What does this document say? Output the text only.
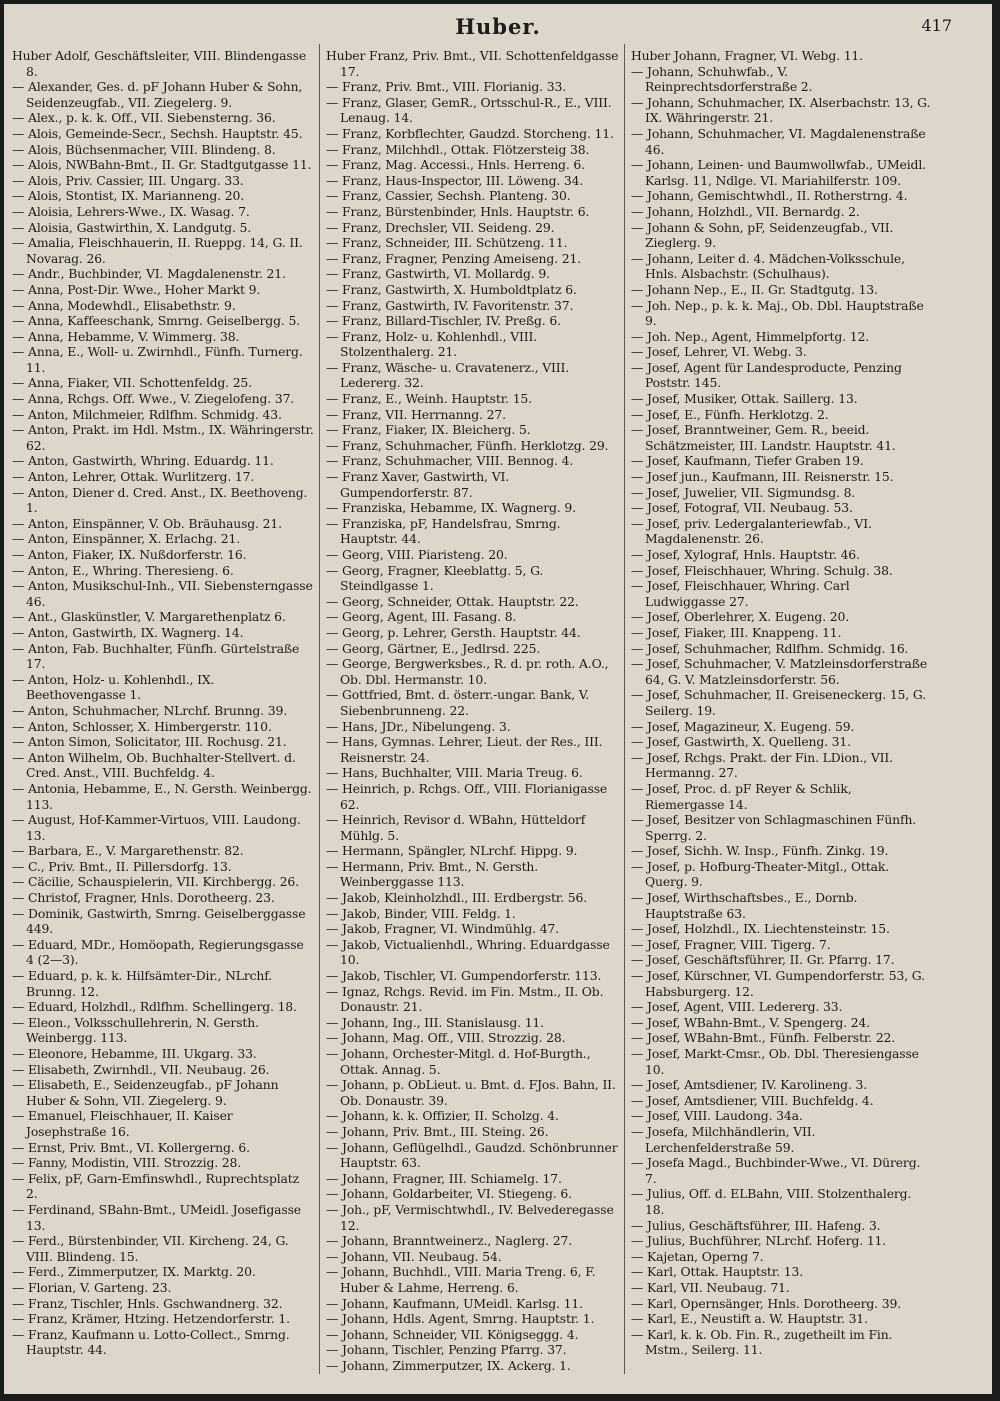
Huber.	417
Huber Adolf, Geschäftsleiter, VIII. Blindengasse 8.
— Alexander, Ges. d. pF Johann Huber & Sohn, Seidenzeugfab., VII. Ziegelerg. 9.
— Alex., p. k. k. Off., VII. Siebensterng. 36.
— Alois, Gemeinde-Secr., Sechsh. Hauptstr. 45.
— Alois, Büchsenmacher, VIII. Blindeng. 8.
— Alois, NWBahn-Bmt., II. Gr. Stadtgutgasse 11.
— Alois, Priv. Cassier, III. Ungarg. 33.
— Alois, Stontist, IX. Marianneng. 20.
— Aloisia, Lehrers-Wwe., IX. Wasag. 7.
— Aloisia, Gastwirthin, X. Landgutg. 5.
— Amalia, Fleischhauerin, II. Rueppg. 14, G. II. Novarag. 26.
— Andr., Buchbinder, VI. Magdalenenstr. 21.
— Anna, Post-Dir. Wwe., Hoher Markt 9.
— Anna, Modewhdl., Elisabethstr. 9.
— Anna, Kaffeeschank, Smrng. Geiselbergg. 5.
— Anna, Hebamme, V. Wimmerg. 38.
— Anna, E., Woll- u. Zwirnhdl., Fünfh. Turnerg. 11.
— Anna, Fiaker, VII. Schottenfeldg. 25.
— Anna, Rchgs. Off. Wwe., V. Ziegelofeng. 37.
— Anton, Milchmeier, Rdlfhm. Schmidg. 43.
— Anton, Prakt. im Hdl. Mstm., IX. Währingerstr. 62.
— Anton, Gastwirth, Whring. Eduardg. 11.
— Anton, Lehrer, Ottak. Wurlitzerg. 17.
— Anton, Diener d. Cred. Anst., IX. Beethoveng. 1.
— Anton, Einspänner, V. Ob. Bräuhausg. 21.
— Anton, Einspänner, X. Erlachg. 21.
— Anton, Fiaker, IX. Nußdorferstr. 16.
— Anton, E., Whring. Theresieng. 6.
— Anton, Musikschul-Inh., VII. Siebensterngasse 46.
— Ant., Glaskünstler, V. Margarethenplatz 6.
— Anton, Gastwirth, IX. Wagnerg. 14.
— Anton, Fab. Buchhalter, Fünfh. Gürtelstraße 17.
— Anton, Holz- u. Kohlenhdl., IX. Beethovengasse 1.
— Anton, Schuhmacher, NLrchf. Brunng. 39.
— Anton, Schlosser, X. Himbergerstr. 110.
— Anton Simon, Solicitator, III. Rochusg. 21.
— Anton Wilhelm, Ob. Buchhalter-Stellvert. d. Cred. Anst., VIII. Buchfeldg. 4.
— Antonia, Hebamme, E., N. Gersth. Weinbergg. 113.
— August, Hof-Kammer-Virtuos, VIII. Laudong. 13.
— Barbara, E., V. Margarethenstr. 82.
— C., Priv. Bmt., II. Pillersdorfg. 13.
— Cäcilie, Schauspielerin, VII. Kirchbergg. 26.
— Christof, Fragner, Hnls. Dorotheerg. 23.
— Dominik, Gastwirth, Smrng. Geiselberggasse 449.
— Eduard, MDr., Homöopath, Regierungsgasse 4 (2—3).
— Eduard, p. k. k. Hilfsämter-Dir., NLrchf. Brunng. 12.
— Eduard, Holzhdl., Rdlfhm. Schellingerg. 18.
— Eleon., Volksschullehrerin, N. Gersth. Weinbergg. 113.
— Eleonore, Hebamme, III. Ukgarg. 33.
— Elisabeth, Zwirnhdl., VII. Neubaug. 26.
— Elisabeth, E., Seidenzeugfab., pF Johann Huber & Sohn, VII. Ziegelerg. 9.
— Emanuel, Fleischhauer, II. Kaiser Josephstraße 16.
— Ernst, Priv. Bmt., VI. Kollergerng. 6.
— Fanny, Modistin, VIII. Strozzig. 28.
— Felix, pF, Garn-Emfinswhdl., Ruprechtsplatz 2.
— Ferdinand, SBahn-Bmt., UMeidl. Josefigasse 13.
— Ferd., Bürstenbinder, VII. Kircheng. 24, G. VIII. Blindeng. 15.
— Ferd., Zimmerputzer, IX. Marktg. 20.
— Florian, V. Garteng. 23.
— Franz, Tischler, Hnls. Gschwandnerg. 32.
— Franz, Krämer, Htzing. Hetzendorferstr. 1.
— Franz, Kaufmann u. Lotto-Collect., Smrng. Hauptstr. 44.
Huber Franz, Priv. Bmt., VII. Schottenfeldgasse 17.
— Franz, Priv. Bmt., VIII. Florianig. 33.
— Franz, Glaser, GemR., Ortsschul-R., E., VIII. Lenaug. 14.
— Franz, Korbflechter, Gaudzd. Storcheng. 11.
— Franz, Milchhdl., Ottak. Flötzersteig 38.
— Franz, Mag. Accessi., Hnls. Herreng. 6.
— Franz, Haus-Inspector, III. Löweng. 34.
— Franz, Cassier, Sechsh. Planteng. 30.
— Franz, Bürstenbinder, Hnls. Hauptstr. 6.
— Franz, Drechsler, VII. Seideng. 29.
— Franz, Schneider, III. Schützeng. 11.
— Franz, Fragner, Penzing Ameiseng. 21.
— Franz, Gastwirth, VI. Mollardg. 9.
— Franz, Gastwirth, X. Humboldtplatz 6.
— Franz, Gastwirth, IV. Favoritenstr. 37.
— Franz, Billard-Tischler, IV. Preßg. 6.
— Franz, Holz- u. Kohlenhdl., VIII. Stolzenthalerg. 21.
— Franz, Wäsche- u. Cravatenerz., VIII. Ledererg. 32.
— Franz, E., Weinh. Hauptstr. 15.
— Franz, VII. Herrnanng. 27.
— Franz, Fiaker, IX. Bleicherg. 5.
— Franz, Schuhmacher, Fünfh. Herklotzg. 29.
— Franz, Schuhmacher, VIII. Bennog. 4.
— Franz Xaver, Gastwirth, VI. Gumpendorferstr. 87.
— Franziska, Hebamme, IX. Wagnerg. 9.
— Franziska, pF, Handelsfrau, Smrng. Hauptstr. 44.
— Georg, VIII. Piaristeng. 20.
— Georg, Fragner, Kleeblattg. 5, G. Steindlgasse 1.
— Georg, Schneider, Ottak. Hauptstr. 22.
— Georg, Agent, III. Fasang. 8.
— Georg, p. Lehrer, Gersth. Hauptstr. 44.
— Georg, Gärtner, E., Jedlrsd. 225.
— George, Bergwerksbes., R. d. pr. roth. A.O., Ob. Dbl. Hermanstr. 10.
— Gottfried, Bmt. d. österr.-ungar. Bank, V. Siebenbrunneng. 22.
— Hans, JDr., Nibelungeng. 3.
— Hans, Gymnas. Lehrer, Lieut. der Res., III. Reisnerstr. 24.
— Hans, Buchhalter, VIII. Maria Treug. 6.
— Heinrich, p. Rchgs. Off., VIII. Florianigasse 62.
— Heinrich, Revisor d. WBahn, Hütteldorf Mühlg. 5.
— Hermann, Spängler, NLrchf. Hippg. 9.
— Hermann, Priv. Bmt., N. Gersth. Weinberggasse 113.
— Jakob, Kleinholzhdl., III. Erdbergstr. 56.
— Jakob, Binder, VIII. Feldg. 1.
— Jakob, Fragner, VI. Windmühlg. 47.
— Jakob, Victualienhdl., Whring. Eduardgasse 10.
— Jakob, Tischler, VI. Gumpendorferstr. 113.
— Ignaz, Rchgs. Revid. im Fin. Mstm., II. Ob. Donaustr. 21.
— Johann, Ing., III. Stanislausg. 11.
— Johann, Mag. Off., VIII. Strozzig. 28.
— Johann, Orchester-Mitgl. d. Hof-Burgth., Ottak. Annag. 5.
— Johann, p. ObLieut. u. Bmt. d. FJos. Bahn, II. Ob. Donaustr. 39.
— Johann, k. k. Offizier, II. Scholzg. 4.
— Johann, Priv. Bmt., III. Steing. 26.
— Johann, Geflügelhdl., Gaudzd. Schönbrunner Hauptstr. 63.
— Johann, Fragner, III. Schiamelg. 17.
— Johann, Goldarbeiter, VI. Stiegeng. 6.
— Joh., pF, Vermischtwhdl., IV. Belvederegasse 12.
— Johann, Branntweinerz., Naglerg. 27.
— Johann, VII. Neubaug. 54.
— Johann, Buchhdl., VIII. Maria Treng. 6, F. Huber & Lahme, Herreng. 6.
— Johann, Kaufmann, UMeidl. Karlsg. 11.
— Johann, Hdls. Agent, Smrng. Hauptstr. 1.
— Johann, Schneider, VII. Königseggg. 4.
— Johann, Tischler, Penzing Pfarrg. 37.
— Johann, Zimmerputzer, IX. Ackerg. 1.
Huber Johann, Fragner, VI. Webg. 11.
— Johann, Schuhwfab., V. Reinprechtsdorferstraße 2.
— Johann, Schuhmacher, IX. Alserbachstr. 13, G. IX. Währingerstr. 21.
— Johann, Schuhmacher, VI. Magdalenenstraße 46.
— Johann, Leinen- und Baumwollwfab., UMeidl. Karlsg. 11, Ndlge. VI. Mariahilferstr. 109.
— Johann, Gemischtwhdl., II. Rotherstrng. 4.
— Johann, Holzhdl., VII. Bernardg. 2.
— Johann & Sohn, pF, Seidenzeugfab., VII. Zieglerg. 9.
— Johann, Leiter d. 4. Mädchen-Volksschule, Hnls. Alsbachstr. (Schulhaus).
— Johann Nep., E., II. Gr. Stadtgutg. 13.
— Joh. Nep., p. k. k. Maj., Ob. Dbl. Hauptstraße 9.
— Joh. Nep., Agent, Himmelpfortg. 12.
— Josef, Lehrer, VI. Webg. 3.
— Josef, Agent für Landesproducte, Penzing Poststr. 145.
— Josef, Musiker, Ottak. Saillerg. 13.
— Josef, E., Fünfh. Herklotzg. 2.
— Josef, Branntweiner, Gem. R., beeid. Schätzmeister, III. Landstr. Hauptstr. 41.
— Josef, Kaufmann, Tiefer Graben 19.
— Josef jun., Kaufmann, III. Reisnerstr. 15.
— Josef, Juwelier, VII. Sigmundsg. 8.
— Josef, Fotograf, VII. Neubaug. 53.
— Josef, priv. Ledergalanteriewfab., VI. Magdalenenstr. 26.
— Josef, Xylograf, Hnls. Hauptstr. 46.
— Josef, Fleischhauer, Whring. Schulg. 38.
— Josef, Fleischhauer, Whring. Carl Ludwiggasse 27.
— Josef, Oberlehrer, X. Eugeng. 20.
— Josef, Fiaker, III. Knappeng. 11.
— Josef, Schuhmacher, Rdlfhm. Schmidg. 16.
— Josef, Schuhmacher, V. Matzleinsdorferstraße 64, G. V. Matzleinsdorferstr. 56.
— Josef, Schuhmacher, II. Greiseneckerg. 15, G. Seilerg. 19.
— Josef, Magazineur, X. Eugeng. 59.
— Josef, Gastwirth, X. Quelleng. 31.
— Josef, Rchgs. Prakt. der Fin. LDion., VII. Hermanng. 27.
— Josef, Proc. d. pF Reyer & Schlik, Riemergasse 14.
— Josef, Besitzer von Schlagmaschinen Fünfh. Sperrg. 2.
— Josef, Sichh. W. Insp., Fünfh. Zinkg. 19.
— Josef, p. Hofburg-Theater-Mitgl., Ottak. Querg. 9.
— Josef, Wirthschaftsbes., E., Dornb. Hauptstraße 63.
— Josef, Holzhdl., IX. Liechtensteinstr. 15.
— Josef, Fragner, VIII. Tigerg. 7.
— Josef, Geschäftsführer, II. Gr. Pfarrg. 17.
— Josef, Kürschner, VI. Gumpendorferstr. 53, G. Habsburgerg. 12.
— Josef, Agent, VIII. Ledererg. 33.
— Josef, WBahn-Bmt., V. Spengerg. 24.
— Josef, WBahn-Bmt., Fünfh. Felberstr. 22.
— Josef, Markt-Cmsr., Ob. Dbl. Theresiengasse 10.
— Josef, Amtsdiener, IV. Karolineng. 3.
— Josef, Amtsdiener, VIII. Buchfeldg. 4.
— Josef, VIII. Laudong. 34a.
— Josefa, Milchhändlerin, VII. Lerchenfelderstraße 59.
— Josefa Magd., Buchbinder-Wwe., VI. Dürerg. 7.
— Julius, Off. d. ELBahn, VIII. Stolzenthalerg. 18.
— Julius, Geschäftsführer, III. Hafeng. 3.
— Julius, Buchführer, NLrchf. Hoferg. 11.
— Kajetan, Operng 7.
— Karl, Ottak. Hauptstr. 13.
— Karl, VII. Neubaug. 71.
— Karl, Opernsänger, Hnls. Dorotheerg. 39.
— Karl, E., Neustift a. W. Hauptstr. 31.
— Karl, k. k. Ob. Fin. R., zugetheilt im Fin. Mstm., Seilerg. 11.
